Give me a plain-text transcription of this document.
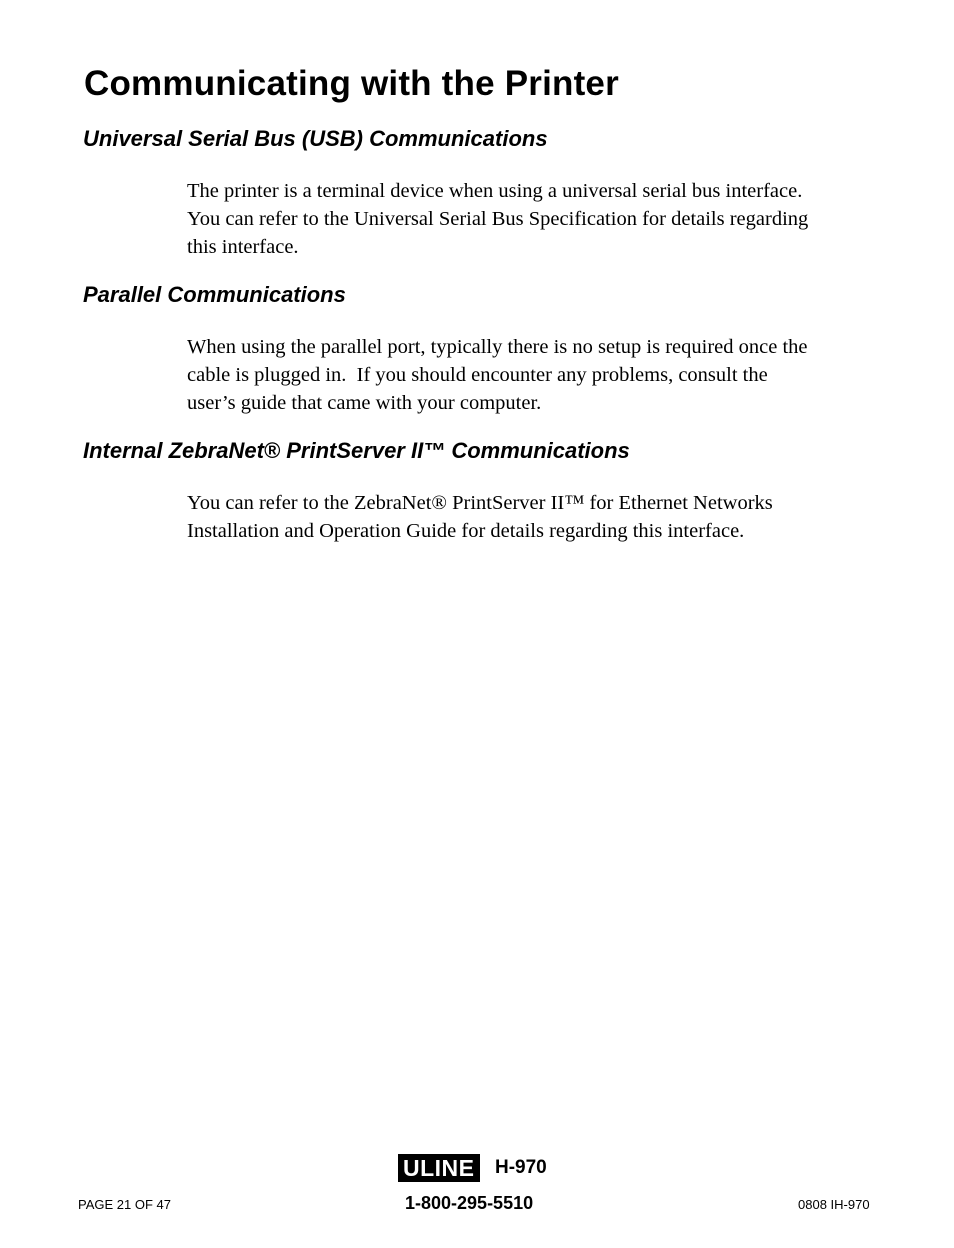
Communicating with the Printer
Universal Serial Bus (USB) Communications
The printer is a terminal device when using a universal serial bus interface.
You can refer to the Universal Serial Bus Specification for details regarding
this interface.
Parallel Communications
When using the parallel port, typically there is no setup is required once the
cable is plugged in.  If you should encounter any problems, consult the
user’s guide that came with your computer.
Internal ZebraNet® PrintServer II™ Communications
You can refer to the ZebraNet® PrintServer II™ for Ethernet Networks
Installation and Operation Guide for details regarding this interface.
ULINE H-970
1-800-295-5510
PAGE 21 OF 47	0808 IH-970
